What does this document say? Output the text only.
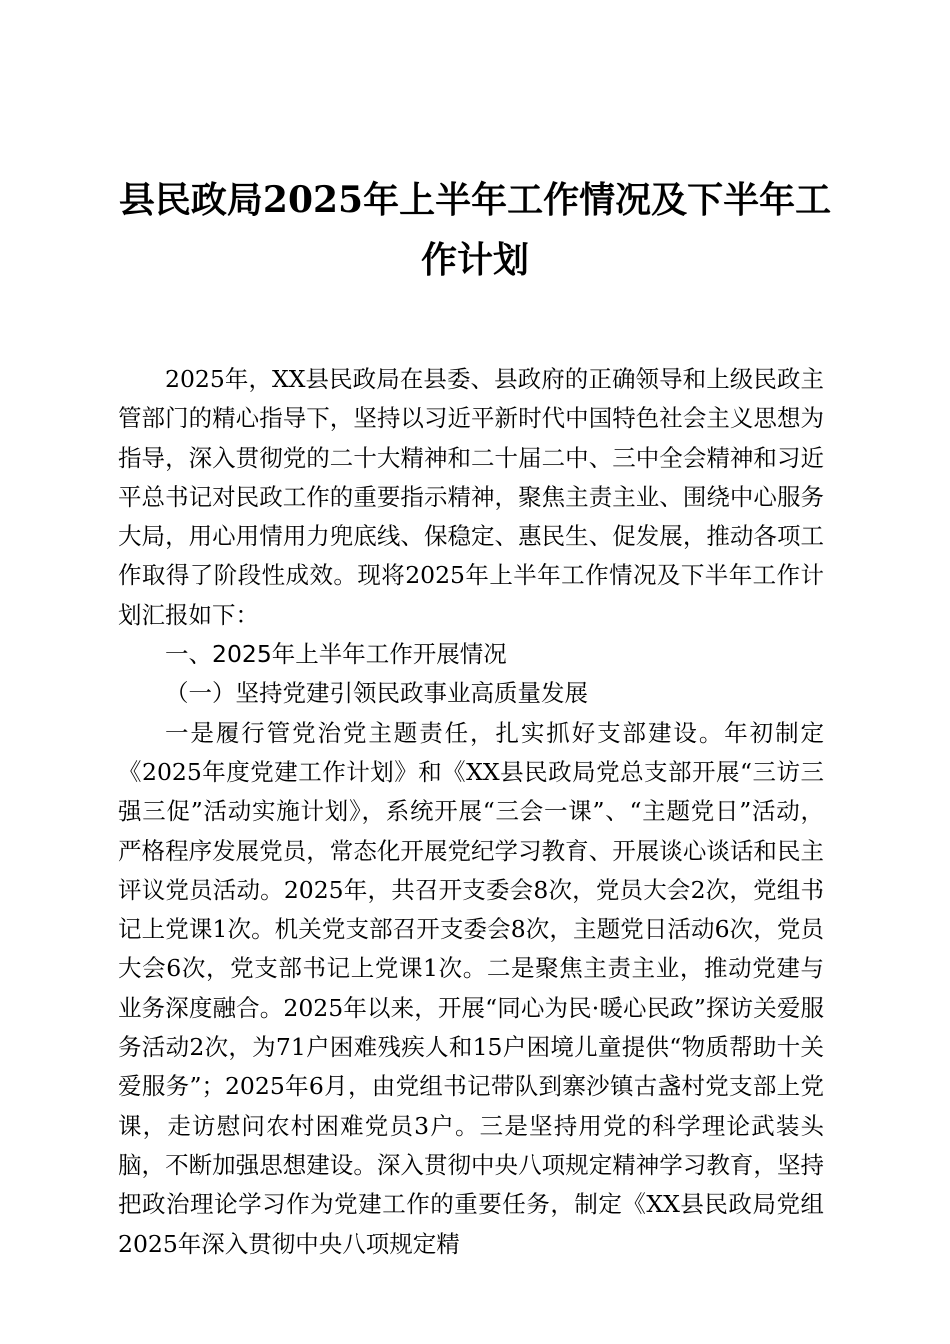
县民政局2025年上半年工作情况及下半年工作计划

2025年，XX县民政局在县委、县政府的正确领导和上级民政主管部门的精心指导下，坚持以习近平新时代中国特色社会主义思想为指导，深入贯彻党的二十大精神和二十届二中、三中全会精神和习近平总书记对民政工作的重要指示精神，聚焦主责主业、围绕中心服务大局，用心用情用力兜底线、保稳定、惠民生、促发展，推动各项工作取得了阶段性成效。现将2025年上半年工作情况及下半年工作计划汇报如下：

一、2025年上半年工作开展情况

（一）坚持党建引领民政事业高质量发展

一是履行管党治党主题责任，扎实抓好支部建设。年初制定《2025年度党建工作计划》和《XX县民政局党总支部开展“三访三强三促”活动实施计划》，系统开展“三会一课”、“主题党日”活动，严格程序发展党员，常态化开展党纪学习教育、开展谈心谈话和民主评议党员活动。2025年，共召开支委会8次，党员大会2次，党组书记上党课1次。机关党支部召开支委会8次，主题党日活动6次，党员大会6次，党支部书记上党课1次。二是聚焦主责主业，推动党建与业务深度融合。2025年以来，开展“同心为民·暖心民政”探访关爱服务活动2次，为71户困难残疾人和15户困境儿童提供“物质帮助十关爱服务”；2025年6月，由党组书记带队到寨沙镇古盏村党支部上党课，走访慰问农村困难党员3户。三是坚持用党的科学理论武装头脑，不断加强思想建设。深入贯彻中央八项规定精神学习教育，坚持把政治理论学习作为党建工作的重要任务，制定《XX县民政局党组2025年深入贯彻中央八项规定精
